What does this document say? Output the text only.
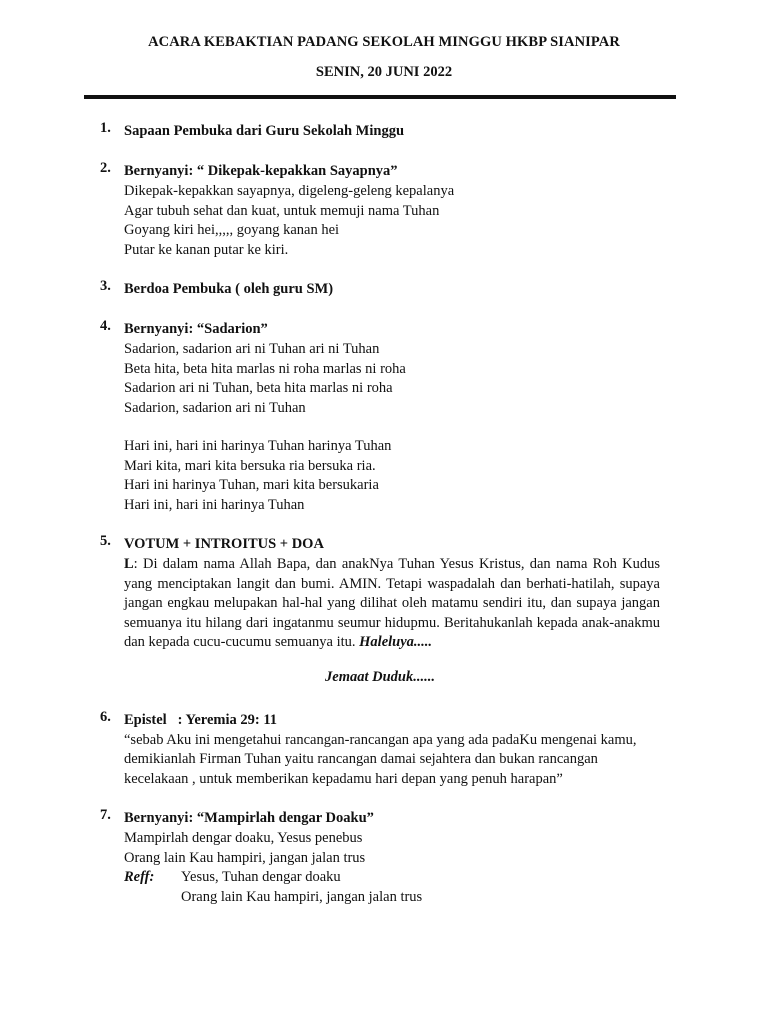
ACARA KEBAKTIAN PADANG SEKOLAH MINGGU HKBP SIANIPAR
SENIN, 20 JUNI 2022
1. Sapaan Pembuka dari Guru Sekolah Minggu
2. Bernyanyi: “ Dikepak-kepakkan Sayapnya”
Dikepak-kepakkan sayapnya, digeleng-geleng kepalanya
Agar tubuh sehat dan kuat, untuk memuji nama Tuhan
Goyang kiri hei,,,,, goyang kanan hei
Putar ke kanan putar ke kiri.
3. Berdoa Pembuka ( oleh guru SM)
4. Bernyanyi: “Sadarion”
Sadarion, sadarion ari ni Tuhan ari ni Tuhan
Beta hita, beta hita marlas ni roha marlas ni roha
Sadarion ari ni Tuhan, beta hita marlas ni roha
Sadarion, sadarion ari ni Tuhan
Hari ini, hari ini harinya Tuhan harinya Tuhan
Mari kita, mari kita bersuka ria bersuka ria.
Hari ini harinya Tuhan, mari kita bersukaria
Hari ini, hari ini harinya Tuhan
5. VOTUM + INTROITUS + DOA
L: Di dalam nama Allah Bapa, dan anakNya Tuhan Yesus Kristus, dan nama Roh Kudus yang menciptakan langit dan bumi. AMIN. Tetapi waspadalah dan berhati-hatilah, supaya jangan engkau melupakan hal-hal yang dilihat oleh matamu sendiri itu, dan supaya jangan semuanya itu hilang dari ingatanmu seumur hidupmu. Beritahukanlah kepada anak-anakmu dan kepada cucu-cucumu semuanya itu. Haleluya.....
Jemaat Duduk......
6. Epistel   : Yeremia 29: 11
“sebab Aku ini mengetahui rancangan-rancangan apa yang ada padaKu mengenai kamu, demikianlah Firman Tuhan yaitu rancangan damai sejahtera dan bukan rancangan kecelakaan , untuk memberikan kepadamu hari depan yang penuh harapan”
7. Bernyanyi: “Mampirlah dengar Doaku”
Mampirlah dengar doaku, Yesus penebus
Orang lain Kau hampiri, jangan jalan trus
Reff:	Yesus, Tuhan dengar doaku
Orang lain Kau hampiri, jangan jalan trus
